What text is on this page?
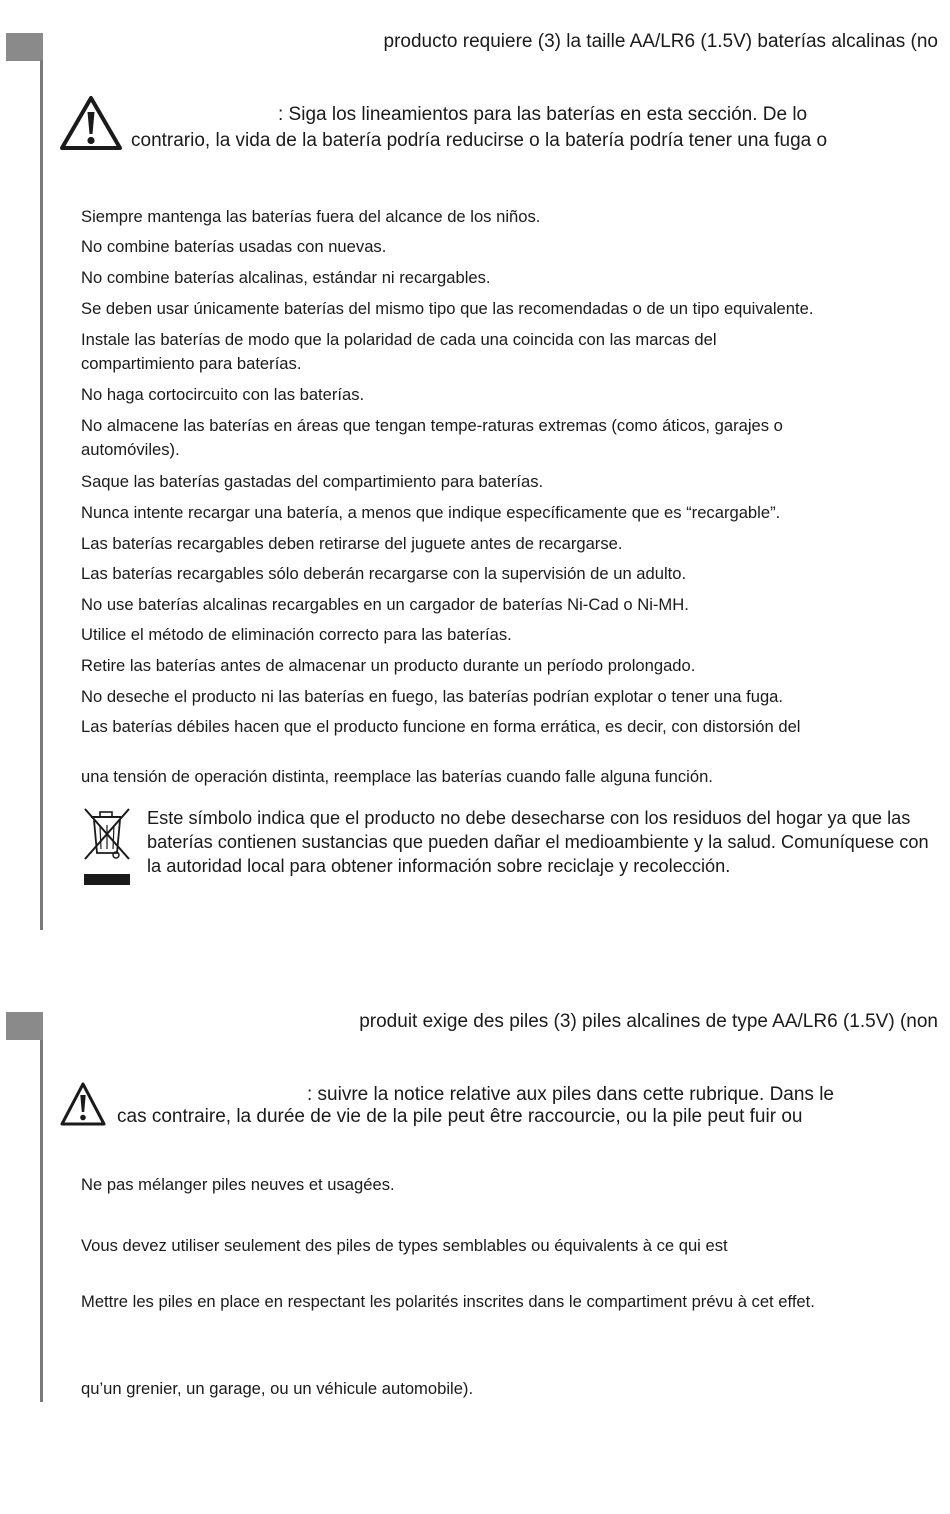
producto requiere (3) la taille AA/LR6 (1.5V) baterías alcalinas (no
: Siga los lineamientos para las baterías en esta sección. De lo
contrario, la vida de la batería podría reducirse o la batería podría tener una fuga o
Siempre mantenga las baterías fuera del alcance de los niños.
No combine baterías usadas con nuevas.
No combine baterías alcalinas, estándar ni recargables.
Se deben usar únicamente baterías del mismo tipo que las recomendadas o de un tipo equivalente.
Instale las baterías de modo que la polaridad de cada una coincida con las marcas del
compartimiento para baterías.
No haga cortocircuito con las baterías.
No almacene las baterías en áreas que tengan tempe-raturas extremas (como áticos, garajes o
automóviles).
Saque las baterías gastadas del compartimiento para baterías.
Nunca intente recargar una batería, a menos que indique específicamente que es “recargable”.
Las baterías recargables deben retirarse del juguete antes de recargarse.
Las baterías recargables sólo deberán recargarse con la supervisión de un adulto.
No use baterías alcalinas recargables en un cargador de baterías Ni-Cad o Ni-MH.
Utilice el método de eliminación correcto para las baterías.
Retire las baterías antes de almacenar un producto durante un período prolongado.
No deseche el producto ni las baterías en fuego, las baterías podrían explotar o tener una fuga.
Las baterías débiles hacen que el producto funcione en forma errática, es decir, con distorsión del
una tensión de operación distinta, reemplace las baterías cuando falle alguna función.
Este símbolo indica que el producto no debe desecharse con los residuos del hogar ya que las baterías contienen sustancias que pueden dañar el medioambiente y la salud. Comuníquese con la autoridad local para obtener información sobre reciclaje y recolección.
produit exige des piles (3) piles alcalines de type AA/LR6 (1.5V) (non
: suivre la notice relative aux piles dans cette rubrique. Dans le
cas contraire, la durée de vie de la pile peut être raccourcie, ou la pile peut fuir ou
Ne pas mélanger piles neuves et usagées.
Vous devez utiliser seulement des piles de types semblables ou équivalents à ce qui est
Mettre les piles en place en respectant les polarités inscrites dans le compartiment prévu à cet effet.
qu’un grenier, un garage, ou un véhicule automobile).
